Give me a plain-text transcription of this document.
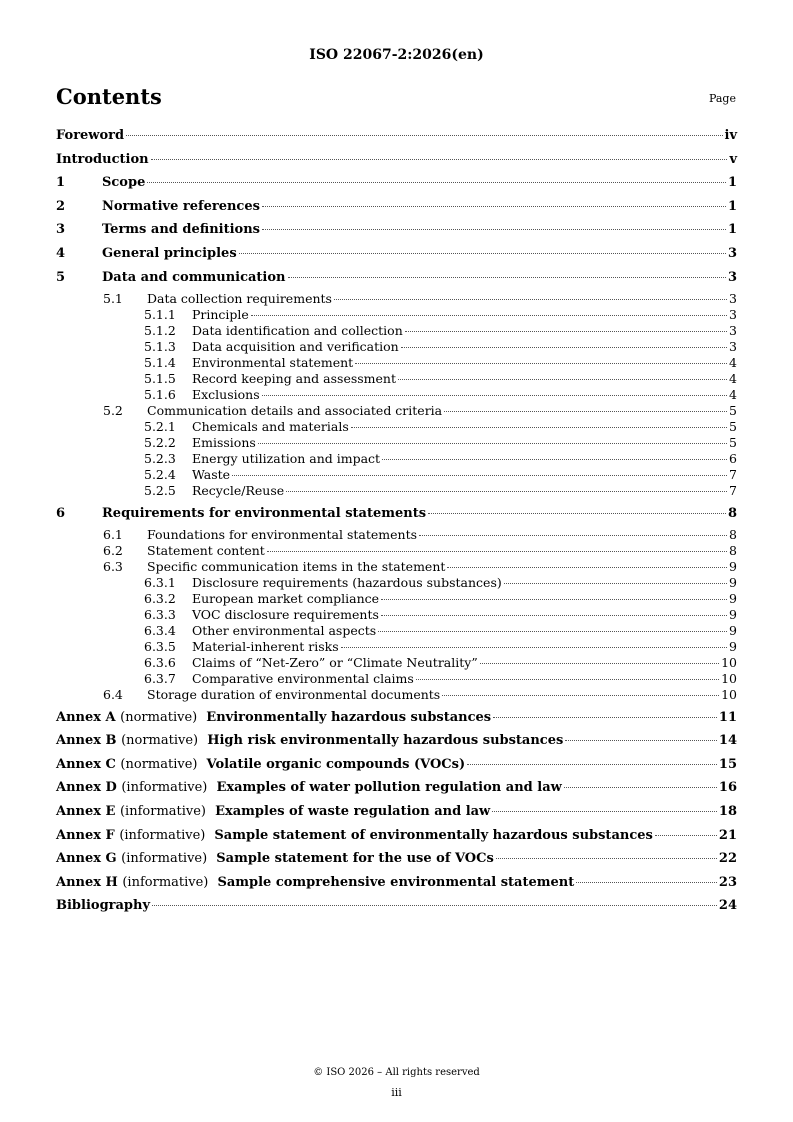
ISO 22067-2:2026(en)
Contents	Page
Foreword	iv
Introduction	v
1	Scope	1
2	Normative references	1
3	Terms and definitions	1
4	General principles	3
5	Data and communication	3
5.1	Data collection requirements	3
5.1.1	Principle	3
5.1.2	Data identification and collection	3
5.1.3	Data acquisition and verification	3
5.1.4	Environmental statement	4
5.1.5	Record keeping and assessment	4
5.1.6	Exclusions	4
5.2	Communication details and associated criteria	5
5.2.1	Chemicals and materials	5
5.2.2	Emissions	5
5.2.3	Energy utilization and impact	6
5.2.4	Waste	7
5.2.5	Recycle/Reuse	7
6	Requirements for environmental statements	8
6.1	Foundations for environmental statements	8
6.2	Statement content	8
6.3	Specific communication items in the statement	9
6.3.1	Disclosure requirements (hazardous substances)	9
6.3.2	European market compliance	9
6.3.3	VOC disclosure requirements	9
6.3.4	Other environmental aspects	9
6.3.5	Material-inherent risks	9
6.3.6	Claims of “Net-Zero” or “Climate Neutrality”	10
6.3.7	Comparative environmental claims	10
6.4	Storage duration of environmental documents	10
Annex A (normative) Environmentally hazardous substances	11
Annex B (normative) High risk environmentally hazardous substances	14
Annex C (normative) Volatile organic compounds (VOCs)	15
Annex D (informative) Examples of water pollution regulation and law	16
Annex E (informative) Examples of waste regulation and law	18
Annex F (informative) Sample statement of environmentally hazardous substances	21
Annex G (informative) Sample statement for the use of VOCs	22
Annex H (informative) Sample comprehensive environmental statement	23
Bibliography	24
© ISO 2026 – All rights reserved
iii
